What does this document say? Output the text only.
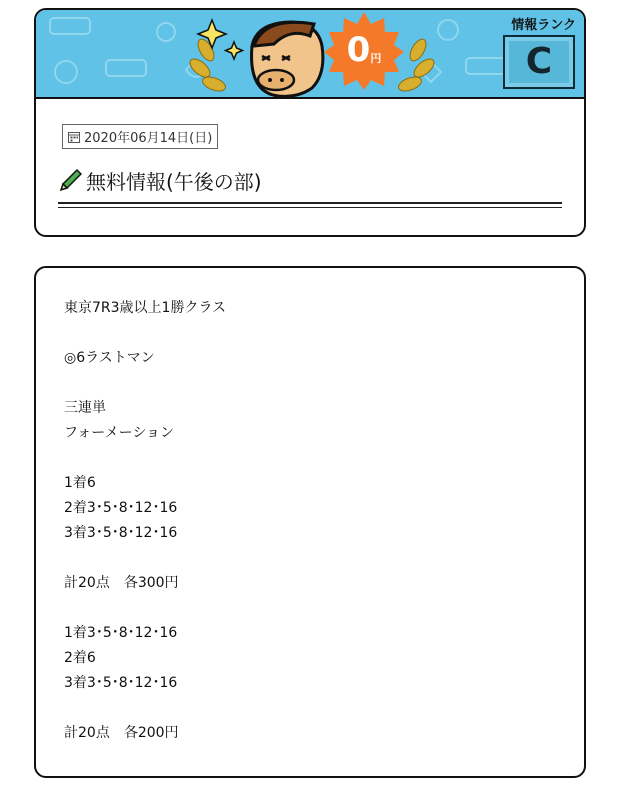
0 円
情報ランク
C
2020年06月14日(日)
無料情報(午後の部)
東京7R3歳以上1勝クラス
◎6ラストマン
三連単
フォーメーション
1着6
2着3･5･8･12･16
3着3･5･8･12･16
計20点　各300円
1着3･5･8･12･16
2着6
3着3･5･8･12･16
計20点　各200円
